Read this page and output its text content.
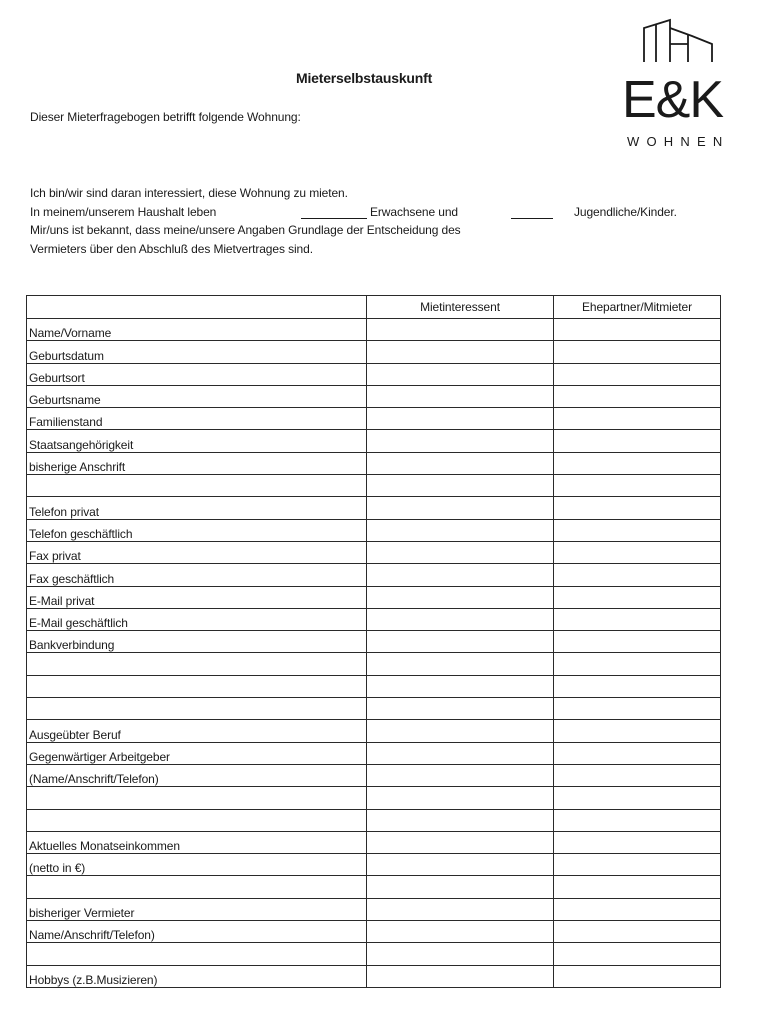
E&K
WOHNEN
Mieterselbstauskunft
Dieser Mieterfragebogen betrifft folgende Wohnung:
Ich bin/wir sind daran interessiert, diese Wohnung zu mieten.
In meinem/unserem Haushalt leben	Erwachsene und	Jugendliche/Kinder.
Mir/uns ist bekannt, dass meine/unsere Angaben Grundlage der Entscheidung des
Vermieters über den Abschluß des Mietvertrages sind.
	Mietinteressent	Ehepartner/Mitmieter
Name/Vorname		
Geburtsdatum		
Geburtsort		
Geburtsname		
Familienstand		
Staatsangehörigkeit		
bisherige Anschrift		

Telefon privat		
Telefon geschäftlich		
Fax privat		
Fax geschäftlich		
E-Mail privat		
E-Mail geschäftlich		
Bankverbindung		

Ausgeübter Beruf		
Gegenwärtiger Arbeitgeber		
(Name/Anschrift/Telefon)		

Aktuelles Monatseinkommen		
(netto in €)		

bisheriger Vermieter		
Name/Anschrift/Telefon)		

Hobbys (z.B.Musizieren)		
